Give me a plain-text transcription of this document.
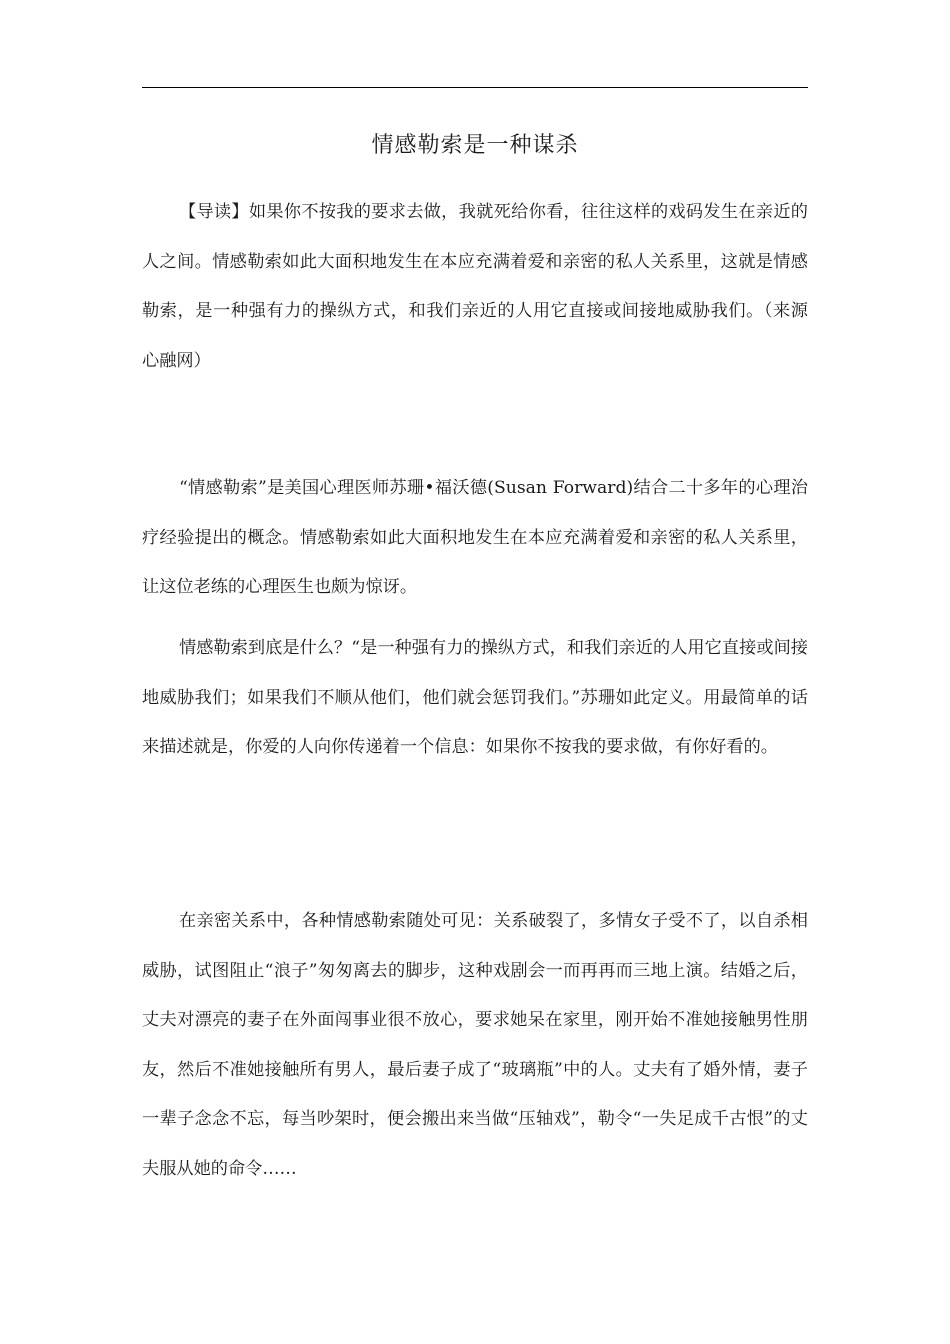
情感勒索是一种谋杀

【导读】如果你不按我的要求去做，我就死给你看，往往这样的戏码发生在亲近的人之间。情感勒索如此大面积地发生在本应充满着爱和亲密的私人关系里，这就是情感勒索，是一种强有力的操纵方式，和我们亲近的人用它直接或间接地威胁我们。（来源 心融网）

“情感勒索”是美国心理医师苏珊•福沃德(Susan Forward)结合二十多年的心理治疗经验提出的概念。情感勒索如此大面积地发生在本应充满着爱和亲密的私人关系里，让这位老练的心理医生也颇为惊讶。

情感勒索到底是什么？“是一种强有力的操纵方式，和我们亲近的人用它直接或间接地威胁我们；如果我们不顺从他们，他们就会惩罚我们。”苏珊如此定义。用最简单的话来描述就是，你爱的人向你传递着一个信息：如果你不按我的要求做，有你好看的。

在亲密关系中，各种情感勒索随处可见：关系破裂了，多情女子受不了，以自杀相威胁，试图阻止“浪子”匆匆离去的脚步，这种戏剧会一而再再而三地上演。结婚之后，丈夫对漂亮的妻子在外面闯事业很不放心，要求她呆在家里，刚开始不准她接触男性朋友，然后不准她接触所有男人，最后妻子成了“玻璃瓶”中的人。丈夫有了婚外情，妻子一辈子念念不忘，每当吵架时，便会搬出来当做“压轴戏”，勒令“一失足成千古恨”的丈夫服从她的命令……
